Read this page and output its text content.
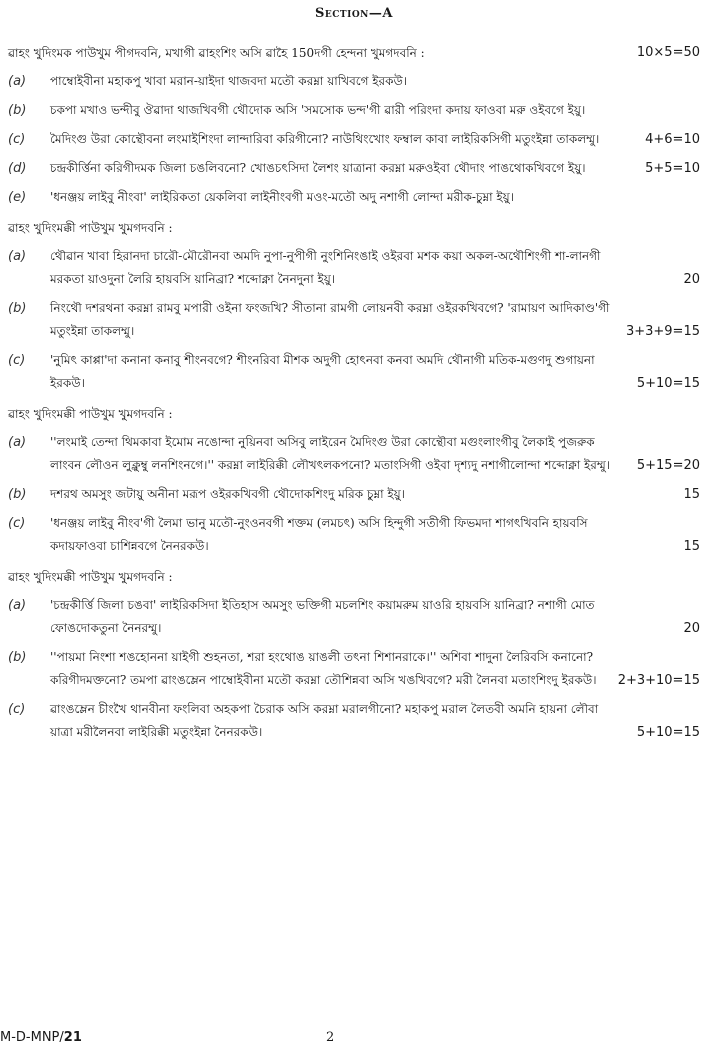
Section—A
ৱাহং খুদিংমক পাউখুম পীগদবনি, মখাগী ৱাহংশিং অসি ৱাহৈ 150দগী হেন্দনা খুমগদবনি :	10×5=50
(a) পাম্বোইবীনা মহাকপু খাবা মরান-য়াইদা থাজবদা মতৌ করম্না য়াখিবগে ইরকউ।
(b) চকপা মখাও ভন্দীবু ঔৱাদা থাজখিবগী থৌদোক অসি 'সমসোক ভন্দ'গী ৱারী পরিংদা কদায় ফাওবা মরু ওইবগে ইয়ু।
(c) মৈদিংগু উরা কোন্থৌবনা লংমাইশিংদা লান্দারিবা করিগীনো? নাউথিংখোং ফম্বাল কাবা লাইরিকসিগী মতুংইন্না তাকলম্মু।	4+6=10
(d) চন্দ্রকীর্ত্তিনা করিগীদমক জিলা চঙলিবনো? খোঙচৎসিদা লৈশং য়াত্রানা করম্না মরুওইবা থৌদাং পাঙথোকখিবগে ইয়ু।	5+5=10
(e) 'ধনঞ্জয় লাইবু নীংবা' লাইরিকতা য়েকলিবা লাইনীংবগী মওং-মতৌ অদু নশাগী লোন্দা মরীক-চুম্না ইয়ু।
ৱাহং খুদিংমক্কী পাউখুম খুমগদবনি :
(a) থৌৱান খাবা হিরানদা চারৌ-মৌরৌনবা অমদি নুপা-নুপীগী নুংশিনিংঙাই ওইরবা মশক কয়া অকল-অথৌশিংগী শা-লানগী মরকতা য়াওদুনা লৈরি হায়বসি য়ানিব্রা? শব্দোক্না নৈনদুনা ইয়ু।	20
(b) নিংথৌ দশরথনা করম্না রামবু মপারী ওইনা ফংজখি? সীতানা রামগী লোয়নবী করম্না ওইরকখিবগে? 'রামায়ণ আদিকাণ্ড'গী মতুংইন্না তাকলম্মু।	3+3+9=15
(c) 'নুমিৎ কাপ্পা'দা কনানা কনাবু শীংনবগে? শীংনরিবা মীশক অদুগী হোৎনবা কনবা অমদি থৌনাগী মতিক-মগুণদু শুগায়না ইরকউ।	5+10=15
ৱাহং খুদিংমক্কী পাউখুম খুমগদবনি :
(a) ''লংমাই তেন্দা থিমকাবা ইমোম নঙোন্দা নুয়িনবা অসিবু লাইরেন মৈদিংগু উরা কোন্থৌবা মগুংলাংগীবু লৈকাই পুজরুক লাংবন লৌওন লুক্লুম্বু লনশিংনগে।'' করম্না লাইরিক্কী লৌখৎলকপনো? মতাংসিগী ওইবা দৃশ্যদু নশাগীলোন্দা শব্দোক্না ইরম্মু। 5+15=20
(b) দশরথ অমসুং জটায়ু অনীনা মরূপ ওইরকখিবগী থৌদোকশিংদু মরিক চুম্না ইয়ু।	15
(c) 'ধনঞ্জয় লাইবু নীংব'গী লৈমা ভানু মতৌ-নুংওনবগী শক্তম (লমচৎ) অসি হিন্দুগী সতীগী ফিভমদা শাগৎখিবনি হায়বসি কদায়ফাওবা চাশিন্নবগে নৈনরকউ।	15
ৱাহং খুদিংমক্কী পাউখুম খুমগদবনি :
(a) 'চন্দ্রকীর্ত্তি জিলা চঙবা' লাইরিকসিদা ইতিহাস অমসুং ভক্তিগী মচলশিং কয়ামরুম য়াওরি হায়বসি য়ানিব্রা? নশাগী মোত ফোঙদোকতুনা নৈনরম্মু।	20
(b) ''পায়মা নিংশা শঙহোননা য়াইগী শুহনতা, শরা হংথোঙ য়াঙলী তৎনা শিশানরাকে।'' অশিবা শাদুনা লৈরিবসি কনানো? করিগীদমক্তনো? তমপা ৱাংঙম্লেন পাম্বোইবীনা মতৌ করম্না তৌশিন্নবা অসি খঙখিবগে? মরী লৈনবা মতাংশিংদু ইরকউ। 2+3+10=15
(c) ৱাংঙম্লেন চীংখৈ থানবীনা ফংলিবা অহকপা চৈরাক অসি করম্না মরালগীনো? মহাকপু মরাল লৈতবী অমনি হায়না লৌবা য়াত্রা মরীলৈনবা লাইরিক্কী মতুংইন্না নৈনরকউ।	5+10=15
M-D-MNP/21	2
